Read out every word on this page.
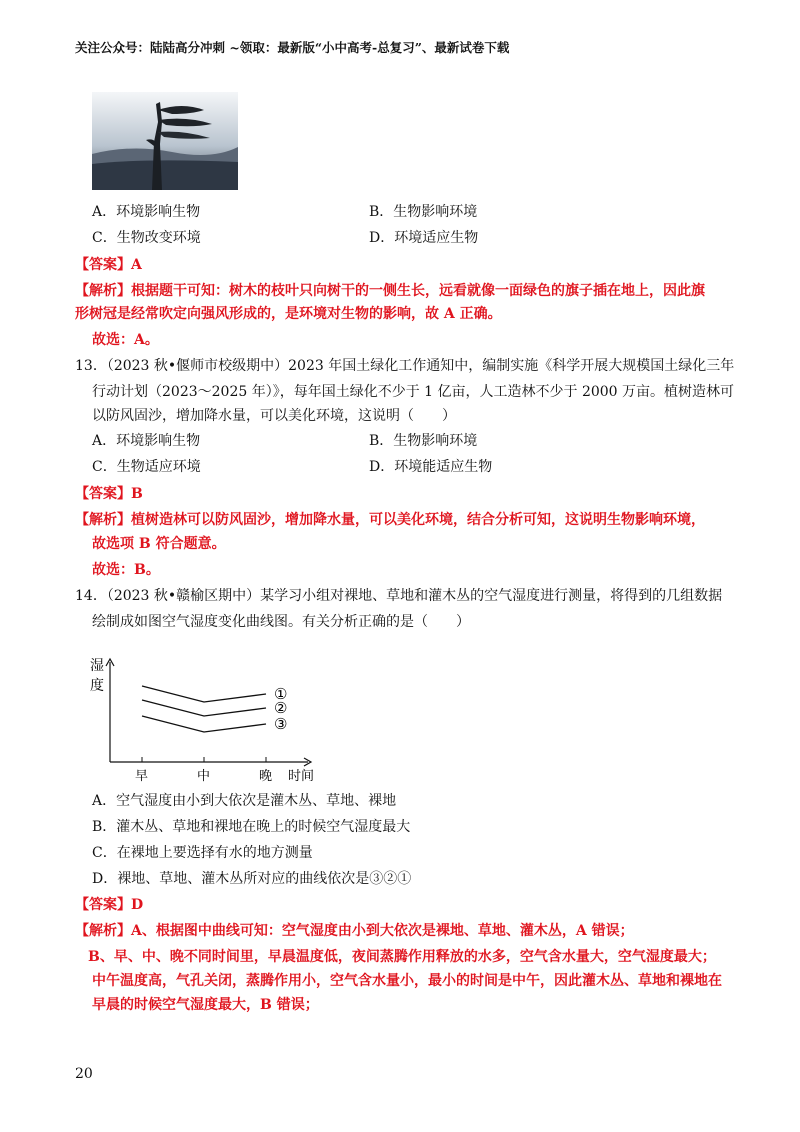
关注公众号：陆陆高分冲刺 ~领取：最新版“小中高考-总复习”、最新试卷下载
A．环境影响生物	B．生物影响环境
C．生物改变环境	D．环境适应生物
【答案】A
【解析】根据题干可知：树木的枝叶只向树干的一侧生长，远看就像一面绿色的旗子插在地上，因此旗
形树冠是经常吹定向强风形成的，是环境对生物的影响，故 A 正确。
故选：A。
13．（2023 秋•偃师市校级期中）2023 年国土绿化工作通知中，编制实施《科学开展大规模国土绿化三年
行动计划（2023～2025 年）》，每年国土绿化不少于 1 亿亩，人工造林不少于 2000 万亩。植树造林可
以防风固沙，增加降水量，可以美化环境，这说明（　　）
A．环境影响生物	B．生物影响环境
C．生物适应环境	D．环境能适应生物
【答案】B
【解析】植树造林可以防风固沙，增加降水量，可以美化环境，结合分析可知，这说明生物影响环境，
故选项 B 符合题意。
故选：B。
14．（2023 秋•赣榆区期中）某学习小组对裸地、草地和灌木丛的空气湿度进行测量，将得到的几组数据
绘制成如图空气湿度变化曲线图。有关分析正确的是（　　）
湿
度
早	中	晚 时间
①
②
③
A．空气湿度由小到大依次是灌木丛、草地、裸地
B．灌木丛、草地和裸地在晚上的时候空气湿度最大
C．在裸地上要选择有水的地方测量
D．裸地、草地、灌木丛所对应的曲线依次是③②①
【答案】D
【解析】A、根据图中曲线可知：空气湿度由小到大依次是裸地、草地、灌木丛，A 错误；
B、早、中、晚不同时间里，早晨温度低，夜间蒸腾作用释放的水多，空气含水量大，空气湿度最大；
中午温度高，气孔关闭，蒸腾作用小，空气含水量小，最小的时间是中午，因此灌木丛、草地和裸地在
早晨的时候空气湿度最大，B 错误；
20
